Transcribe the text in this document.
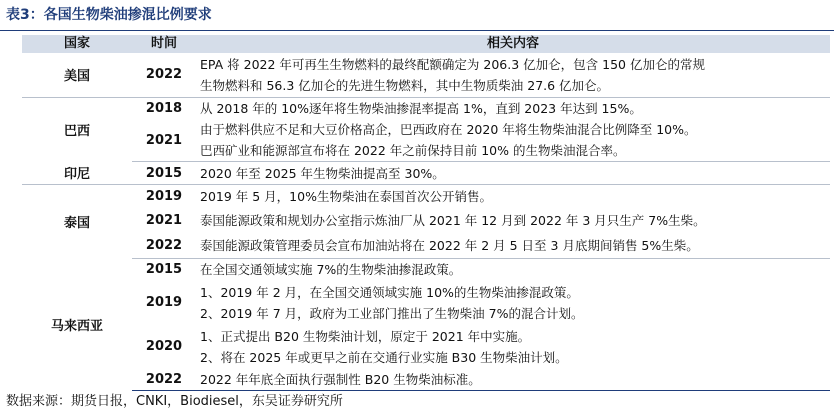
表3：各国生物柴油掺混比例要求
国家	时间	相关内容
美国	2022	EPA 将 2022 年可再生生物燃料的最终配额确定为 206.3 亿加仑，包含 150 亿加仑的常规
生物燃料和 56.3 亿加仑的先进生物燃料，其中生物质柴油 27.6 亿加仑。

巴西	2018	从 2018 年的 10%逐年将生物柴油掺混率提高 1%，直到 2023 年达到 15%。

	2021	由于燃料供应不足和大豆价格高企，巴西政府在 2020 年将生物柴油混合比例降至 10%。
巴西矿业和能源部宣布将在 2022 年之前保持目前 10% 的生物柴油混合率。

印尼	2015	2020 年至 2025 年生物柴油提高至 30%。

泰国	2019	2019 年 5 月，10%生物柴油在泰国首次公开销售。

	2021	泰国能源政策和规划办公室指示炼油厂从 2021 年 12 月到 2022 年 3 月只生产 7%生柴。

	2022	泰国能源政策管理委员会宣布加油站将在 2022 年 2 月 5 日至 3 月底期间销售 5%生柴。

马来西亚	2015	在全国交通领域实施 7%的生物柴油掺混政策。

	2019	1、2019 年 2 月，在全国交通领域实施 10%的生物柴油掺混政策。
2、2019 年 7 月，政府为工业部门推出了生物柴油 7%的混合计划。

	2020	1、正式提出 B20 生物柴油计划，原定于 2021 年中实施。
2、将在 2025 年或更早之前在交通行业实施 B30 生物柴油计划。

	2022	2022 年年底全面执行强制性 B20 生物柴油标准。
数据来源：期货日报，CNKI，Biodiesel，东吴证券研究所
